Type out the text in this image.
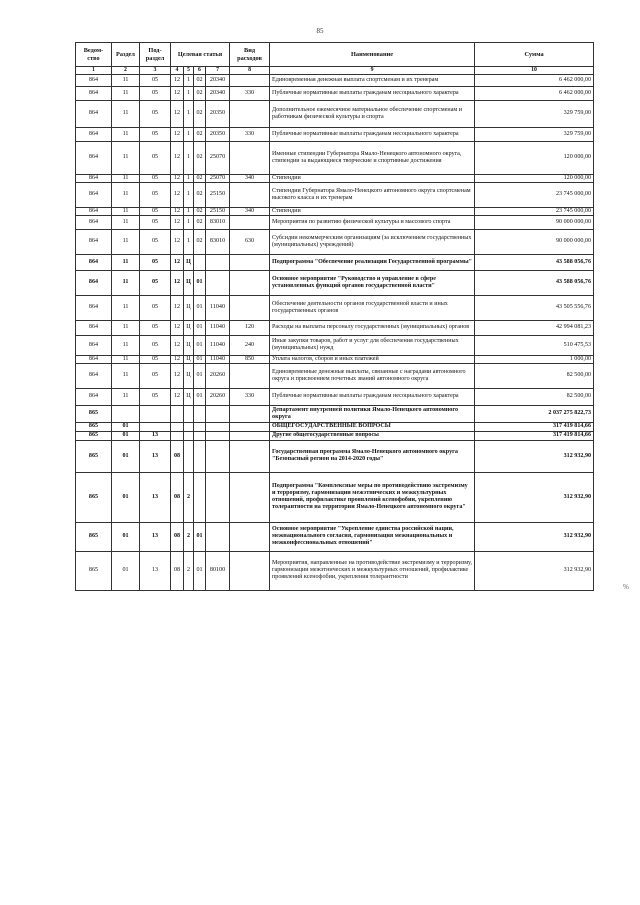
85
%
Ведом-ство	Раздел	Под-раздел	Целевая статья				Вид расходов	Наименование	Сумма
1	2	3	4	5	6	7	8	9	10
864	11	05	12	1	02	20340		Единовременная денежная выплата спортсменам и их тренерам	6 462 000,00
864	11	05	12	1	02	20340	330	Публичные нормативные выплаты гражданам несоциального характера	6 462 000,00
864	11	05	12	1	02	20350		Дополнительное ежемесячное материальное обеспечение спортсменам и работникам физической культуры и спорта	329 759,00
864	11	05	12	1	02	20350	330	Публичные нормативные выплаты гражданам несоциального характера	329 759,00
864	11	05	12	1	02	25070		Именные стипендии Губернатора Ямало-Ненецкого автономного округа, стипендии за выдающиеся творческие и спортивные достижения	120 000,00
864	11	05	12	1	02	25070	340	Стипендии	120 000,00
864	11	05	12	1	02	25150		Стипендии Губернатора Ямало-Ненецкого автономного округа спортсменам высокого класса и их тренерам	23 745 000,00
864	11	05	12	1	02	25150	340	Стипендии	23 745 000,00
864	11	05	12	1	02	83010		Мероприятия по развитию физической культуры и массового спорта	90 000 000,00
864	11	05	12	1	02	83010	630	Субсидии некоммерческим организациям (за исключением государственных (муниципальных) учреждений)	90 000 000,00
864	11	05	12	Ц				Подпрограмма "Обеспечение реализации Государственной программы"	43 588 056,76
864	11	05	12	Ц	01			Основное мероприятие "Руководство и управление в сфере установленных функций органов государственной власти"	43 588 056,76
864	11	05	12	Ц	01	11040		Обеспечение деятельности органов государственной власти и иных государственных органов	43 505 556,76
864	11	05	12	Ц	01	11040	120	Расходы на выплаты персоналу государственных (муниципальных) органов	42 994 081,23
864	11	05	12	Ц	01	11040	240	Иные закупки товаров, работ и услуг для обеспечения государственных (муниципальных) нужд	510 475,53
864	11	05	12	Ц	01	11040	850	Уплата налогов, сборов и иных платежей	1 000,00
864	11	05	12	Ц	01	20260		Единовременные денежные выплаты, связанные с наградами автономного округа и присвоением почетных званий автономного округа	82 500,00
864	11	05	12	Ц	01	20260	330	Публичные нормативные выплаты гражданам несоциального характера	82 500,00
865								Департамент внутренней политики Ямало-Ненецкого автономного округа	2 037 275 822,73
865	01							ОБЩЕГОСУДАРСТВЕННЫЕ ВОПРОСЫ	317 419 814,66
865	01	13						Другие общегосударственные вопросы	317 419 814,66
865	01	13	08					Государственная программа Ямало-Ненецкого автономного округа "Безопасный регион на 2014-2020 годы"	312 932,90
865	01	13	08	2				Подпрограмма "Комплексные меры по противодействию экстремизму и терроризму, гармонизации межэтнических и межкультурных отношений, профилактике проявлений ксенофобии, укреплению толерантности на территории Ямало-Ненецкого автономного округа"	312 932,90
865	01	13	08	2	01			Основное мероприятие "Укрепление единства российской нации, межнационального согласия, гармонизация межнациональных и межконфессиональных отношений"	312 932,90
865	01	13	08	2	01	80100		Мероприятия, направленные на противодействие экстремизму и терроризму, гармонизации межэтнических и межкультурных отношений, профилактике проявлений ксенофобии, укрепления толерантности	312 932,90
